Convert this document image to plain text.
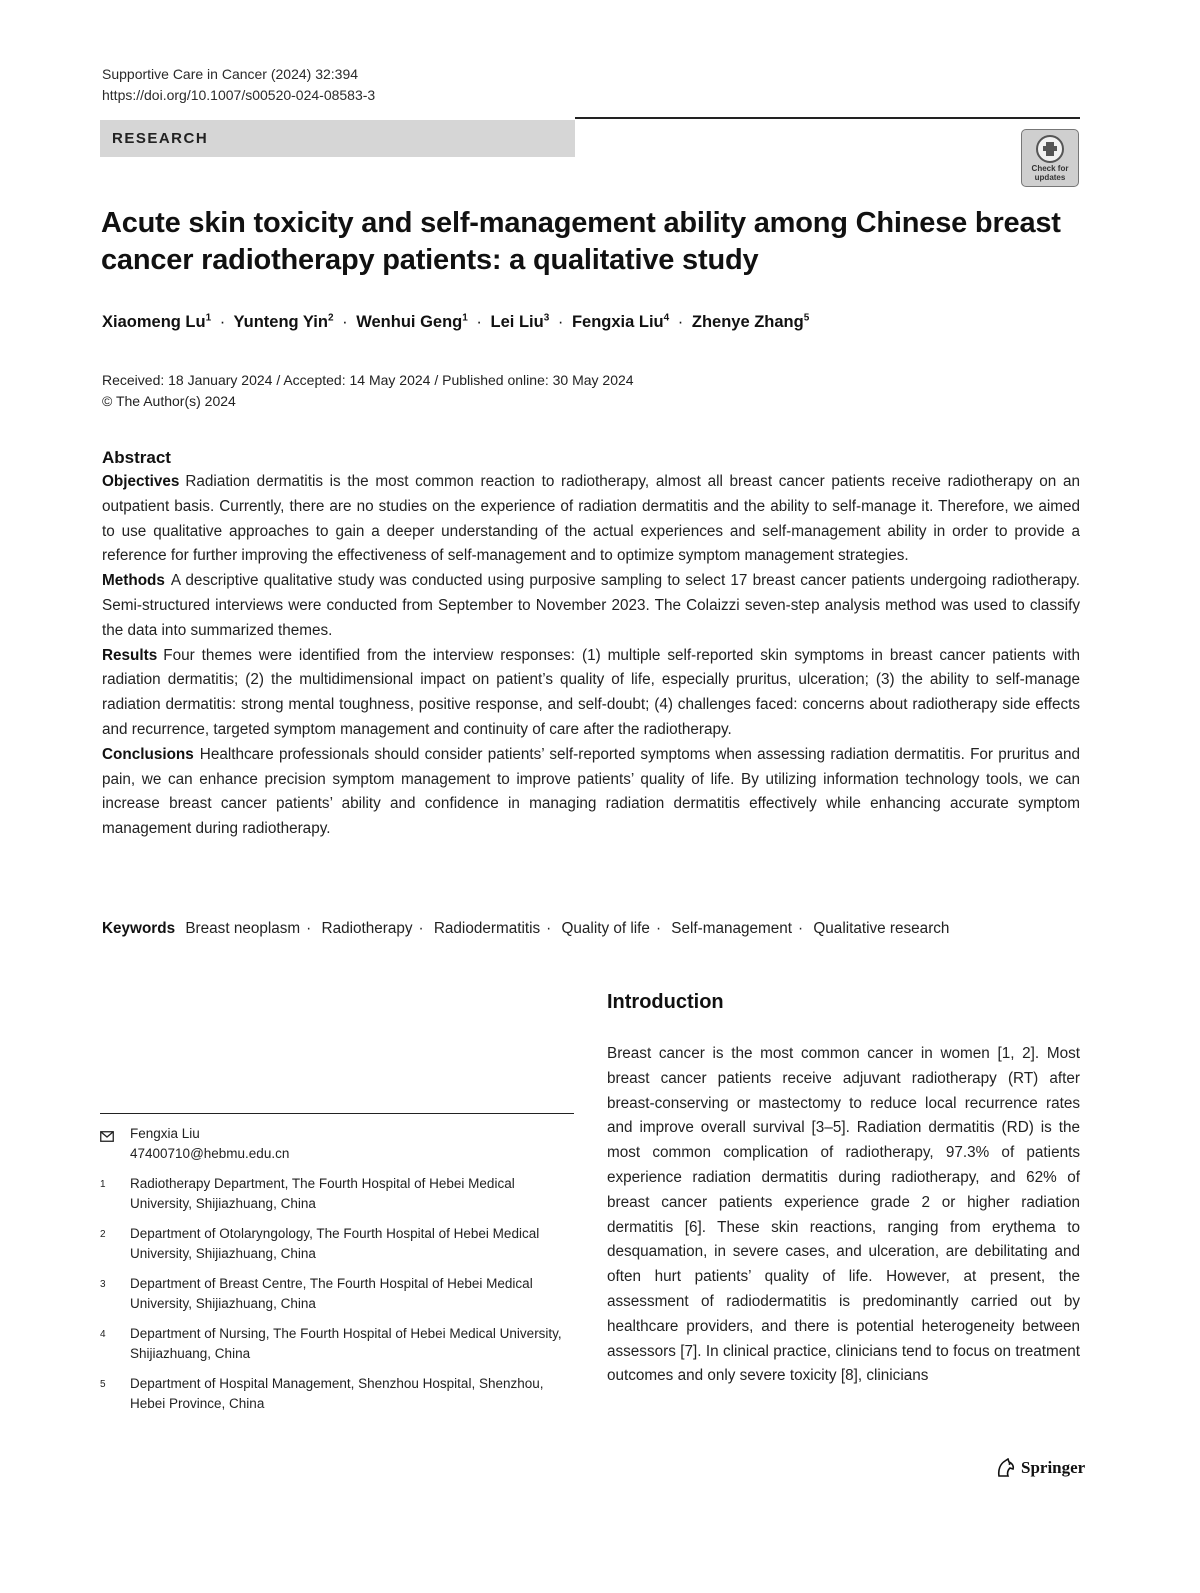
Supportive Care in Cancer (2024) 32:394
https://doi.org/10.1007/s00520-024-08583-3
RESEARCH
Check for
updates
Acute skin toxicity and self-management ability among Chinese breast cancer radiotherapy patients: a qualitative study
Xiaomeng $Lu^1$ · Yunteng Yin$^2$ · Wenhui Geng$^1$ · Lei Liu$^3$ · Fengxia Liu$^4$ · Zhenye Zhang$^5$
Received: 18 January 2024 / Accepted: 14 May 2024 / Published online: 30 May 2024
© The Author(s) 2024
Abstract

Objectives Radiation dermatitis is the most common reaction to radiotherapy, almost all breast cancer patients receive radiotherapy on an outpatient basis. Currently, there are no studies on the experience of radiation dermatitis and the ability to self-manage it. Therefore, we aimed to use qualitative approaches to gain a deeper understanding of the actual experiences and self-management ability in order to provide a reference for further improving the effectiveness of self-management and to optimize symptom management strategies.

Methods A descriptive qualitative study was conducted using purposive sampling to select 17 breast cancer patients undergoing radiotherapy. Semi-structured interviews were conducted from September to November 2023. The Colaizzi seven-step analysis method was used to classify the data into summarized themes.

Results Four themes were identified from the interview responses: (1) multiple self-reported skin symptoms in breast cancer patients with radiation dermatitis; (2) the multidimensional impact on patient’s quality of life, especially pruritus, ulceration; (3) the ability to self-manage radiation dermatitis: strong mental toughness, positive response, and self-doubt; (4) challenges faced: concerns about radiotherapy side effects and recurrence, targeted symptom management and continuity of care after the radiotherapy.

Conclusions Healthcare professionals should consider patients’ self-reported symptoms when assessing radiation dermatitis. For pruritus and pain, we can enhance precision symptom management to improve patients’ quality of life. By utilizing information technology tools, we can increase breast cancer patients’ ability and confidence in managing radiation dermatitis effectively while enhancing accurate symptom management during radiotherapy.

Keywords Breast neoplasm · Radiotherapy · Radiodermatitis · Quality of life · Self-management · Qualitative research
Introduction

Breast cancer is the most common cancer in women [1, 2]. Most breast cancer patients receive adjuvant radiotherapy (RT) after breast-conserving or mastectomy to reduce local recurrence rates and improve overall survival [3–5]. Radiation dermatitis (RD) is the most common complication of radiotherapy, 97.3% of patients experience radiation dermatitis during radiotherapy, and 62% of breast cancer patients experience grade 2 or higher radiation dermatitis [6]. These skin reactions, ranging from erythema to desquamation, in severe cases, and ulceration, are debilitating and often hurt patients’ quality of life. However, at present, the assessment of radiodermatitis is predominantly carried out by healthcare providers, and there is potential heterogeneity between assessors [7]. In clinical practice, clinicians tend to focus on treatment outcomes and only severe toxicity [8], clinicians

Fengxia Liu
47400710@hebmu.edu.cn
1	Radiotherapy Department, The Fourth Hospital of Hebei Medical University, Shijiazhuang, China
2	Department of Otolaryngology, The Fourth Hospital of Hebei Medical University, Shijiazhuang, China
3	Department of Breast Centre, The Fourth Hospital of Hebei Medical University, Shijiazhuang, China
4	Department of Nursing, The Fourth Hospital of Hebei Medical University, Shijiazhuang, China
5	Department of Hospital Management, Shenzhou Hospital, Shenzhou, Hebei Province, China
Springer
